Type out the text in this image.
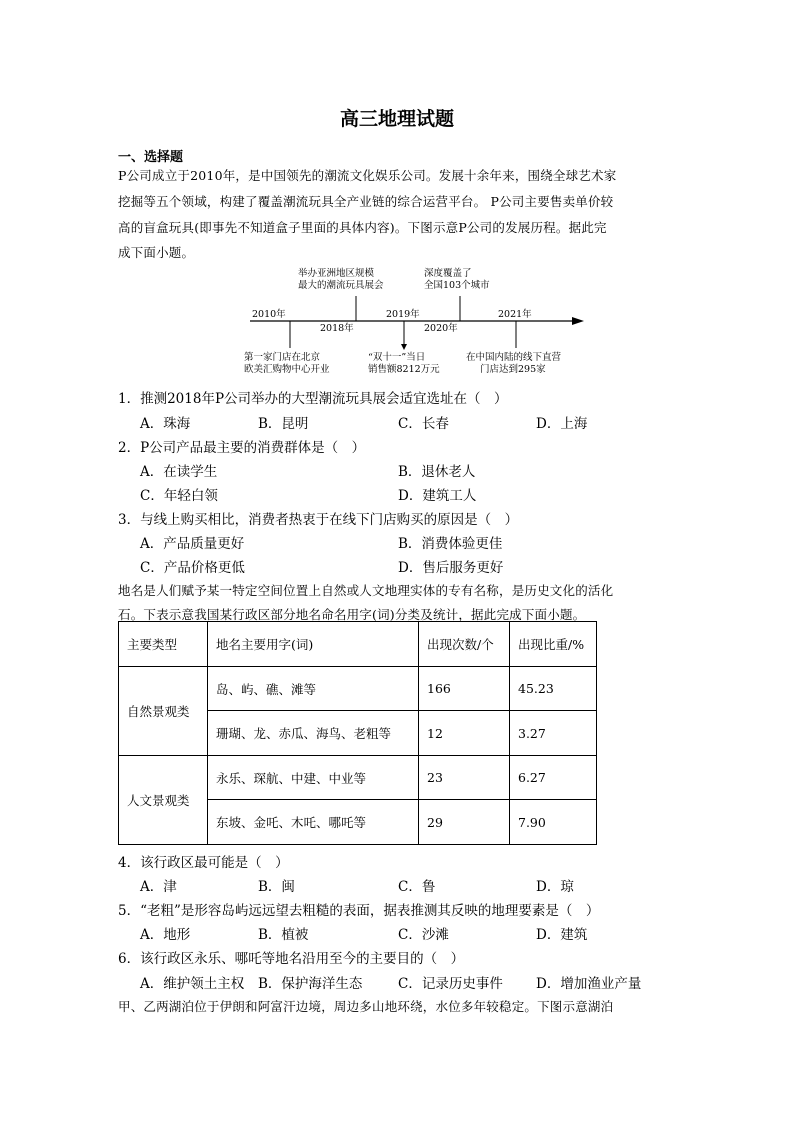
高三地理试题
一、选择题
P公司成立于2010年，是中国领先的潮流文化娱乐公司。发展十余年来，围绕全球艺术家
挖掘等五个领域，构建了覆盖潮流玩具全产业链的综合运营平台。 P公司主要售卖单价较
高的盲盒玩具(即事先不知道盒子里面的具体内容)。下图示意P公司的发展历程。据此完
成下面小题。
2010年
2018年
2019年
2020年
2021年
举办亚洲地区规模
最大的潮流玩具展会
深度覆盖了
全国103个城市
第一家门店在北京
欧美汇购物中心开业
“双十一”当日
销售额8212万元
在中国内陆的线下直营
门店达到295家
1．推测2018年P公司举办的大型潮流玩具展会适宜选址在（　）
A．珠海	B．昆明	C．长春	D．上海
2．P公司产品最主要的消费群体是（　）
A．在读学生	B．退休老人
C．年轻白领	D．建筑工人
3．与线上购买相比，消费者热衷于在线下门店购买的原因是（　）
A．产品质量更好	B．消费体验更佳
C．产品价格更低	D．售后服务更好
地名是人们赋予某一特定空间位置上自然或人文地理实体的专有名称，是历史文化的活化
石。下表示意我国某行政区部分地名命名用字(词)分类及统计，据此完成下面小题。
主要类型	地名主要用字(词)	出现次数/个	出现比重/%
自然景观类	岛、屿、礁、滩等	166	45.23
	珊瑚、龙、赤瓜、海鸟、老粗等	12	3.27
人文景观类	永乐、琛航、中建、中业等	23	6.27
	东坡、金吒、木吒、哪吒等	29	7.90
4．该行政区最可能是（　）
A．津	B．闽	C．鲁	D．琼
5．“老粗”是形容岛屿远远望去粗糙的表面，据表推测其反映的地理要素是（　）
A．地形	B．植被	C．沙滩	D．建筑
6．该行政区永乐、哪吒等地名沿用至今的主要目的（　）
A．维护领土主权 B．保护海洋生态	C．记录历史事件 D．增加渔业产量
甲、乙两湖泊位于伊朗和阿富汗边境，周边多山地环绕，水位多年较稳定。下图示意湖泊
